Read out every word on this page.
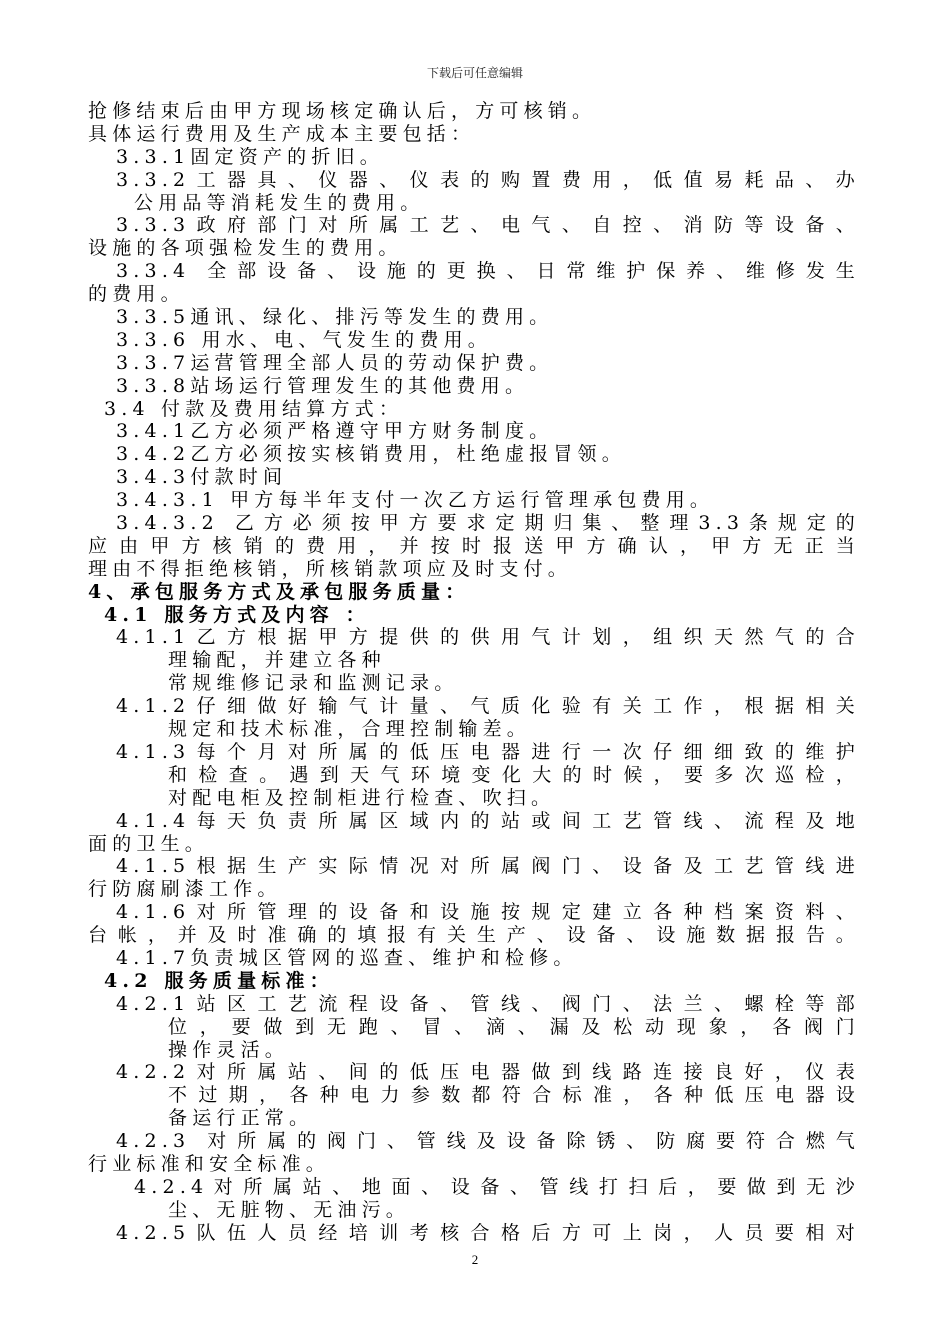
下载后可任意编辑
抢修结束后由甲方现场核定确认后，方可核销。
具体运行费用及生产成本主要包括：
3.3.1固定资产的折旧。
3.3.2工器具、仪器、仪表的购置费用，低值易耗品、办
公用品等消耗发生的费用。
3.3.3政府部门对所属工艺、电气、自控、消防等设备、
设施的各项强检发生的费用。
3.3.4 全部设备、设施的更换、日常维护保养、维修发生
的费用。
3.3.5通讯、绿化、排污等发生的费用。
3.3.6 用水、电、气发生的费用。
3.3.7运营管理全部人员的劳动保护费。
3.3.8站场运行管理发生的其他费用。
3.4 付款及费用结算方式：
3.4.1乙方必须严格遵守甲方财务制度。
3.4.2乙方必须按实核销费用，杜绝虚报冒领。
3.4.3付款时间
3.4.3.1 甲方每半年支付一次乙方运行管理承包费用。
3.4.3.2 乙方必须按甲方要求定期归集、整理3.3条规定的
应由甲方核销的费用，并按时报送甲方确认，甲方无正当
理由不得拒绝核销，所核销款项应及时支付。
4、承包服务方式及承包服务质量：
4.1 服务方式及内容 ：
4.1.1乙方根据甲方提供的供用气计划，组织天然气的合
理输配，并建立各种
常规维修记录和监测记录。
4.1.2仔细做好输气计量、气质化验有关工作，根据相关
规定和技术标准，合理控制输差。
4.1.3每个月对所属的低压电器进行一次仔细细致的维护
和检查。遇到天气环境变化大的时候，要多次巡检，
对配电柜及控制柜进行检查、吹扫。
4.1.4每天负责所属区域内的站或间工艺管线、流程及地
面的卫生。
4.1.5根据生产实际情况对所属阀门、设备及工艺管线进
行防腐刷漆工作。
4.1.6对所管理的设备和设施按规定建立各种档案资料、
台帐，并及时准确的填报有关生产、设备、设施数据报告。
4.1.7负责城区管网的巡查、维护和检修。
4.2 服务质量标准：
4.2.1站区工艺流程设备、管线、阀门、法兰、螺栓等部
位，要做到无跑、冒、滴、漏及松动现象，各阀门
操作灵活。
4.2.2对所属站、间的低压电器做到线路连接良好，仪表
不过期，各种电力参数都符合标准，各种低压电器设
备运行正常。
4.2.3 对所属的阀门、管线及设备除锈、防腐要符合燃气
行业标准和安全标准。
4.2.4对所属站、地面、设备、管线打扫后，要做到无沙
尘、无脏物、无油污。
4.2.5队伍人员经培训考核合格后方可上岗，人员要相对
2
